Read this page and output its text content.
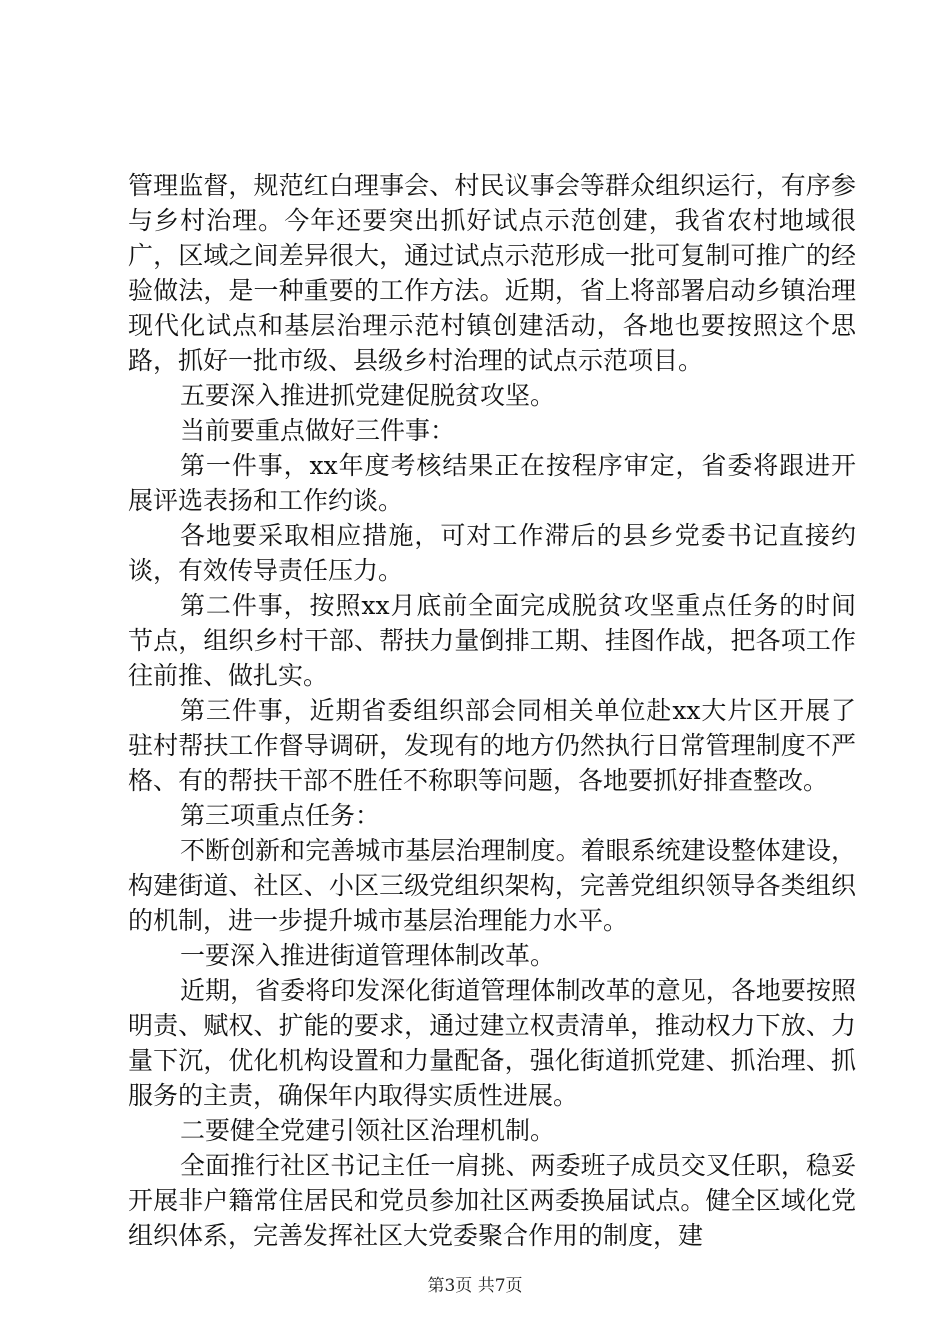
管理监督，规范红白理事会、村民议事会等群众组织运行，有序参与乡村治理。今年还要突出抓好试点示范创建，我省农村地域很广，区域之间差异很大，通过试点示范形成一批可复制可推广的经验做法，是一种重要的工作方法。近期，省上将部署启动乡镇治理现代化试点和基层治理示范村镇创建活动，各地也要按照这个思路，抓好一批市级、县级乡村治理的试点示范项目。

五要深入推进抓党建促脱贫攻坚。

当前要重点做好三件事：

第一件事，xx年度考核结果正在按程序审定，省委将跟进开展评选表扬和工作约谈。

各地要采取相应措施，可对工作滞后的县乡党委书记直接约谈，有效传导责任压力。

第二件事，按照xx月底前全面完成脱贫攻坚重点任务的时间节点，组织乡村干部、帮扶力量倒排工期、挂图作战，把各项工作往前推、做扎实。

第三件事，近期省委组织部会同相关单位赴xx大片区开展了驻村帮扶工作督导调研，发现有的地方仍然执行日常管理制度不严格、有的帮扶干部不胜任不称职等问题，各地要抓好排查整改。

第三项重点任务：

不断创新和完善城市基层治理制度。着眼系统建设整体建设，构建街道、社区、小区三级党组织架构，完善党组织领导各类组织的机制，进一步提升城市基层治理能力水平。

一要深入推进街道管理体制改革。

近期，省委将印发深化街道管理体制改革的意见，各地要按照明责、赋权、扩能的要求，通过建立权责清单，推动权力下放、力量下沉，优化机构设置和力量配备，强化街道抓党建、抓治理、抓服务的主责，确保年内取得实质性进展。

二要健全党建引领社区治理机制。

全面推行社区书记主任一肩挑、两委班子成员交叉任职，稳妥开展非户籍常住居民和党员参加社区两委换届试点。健全区域化党组织体系，完善发挥社区大党委聚合作用的制度，建

第3页 共7页
